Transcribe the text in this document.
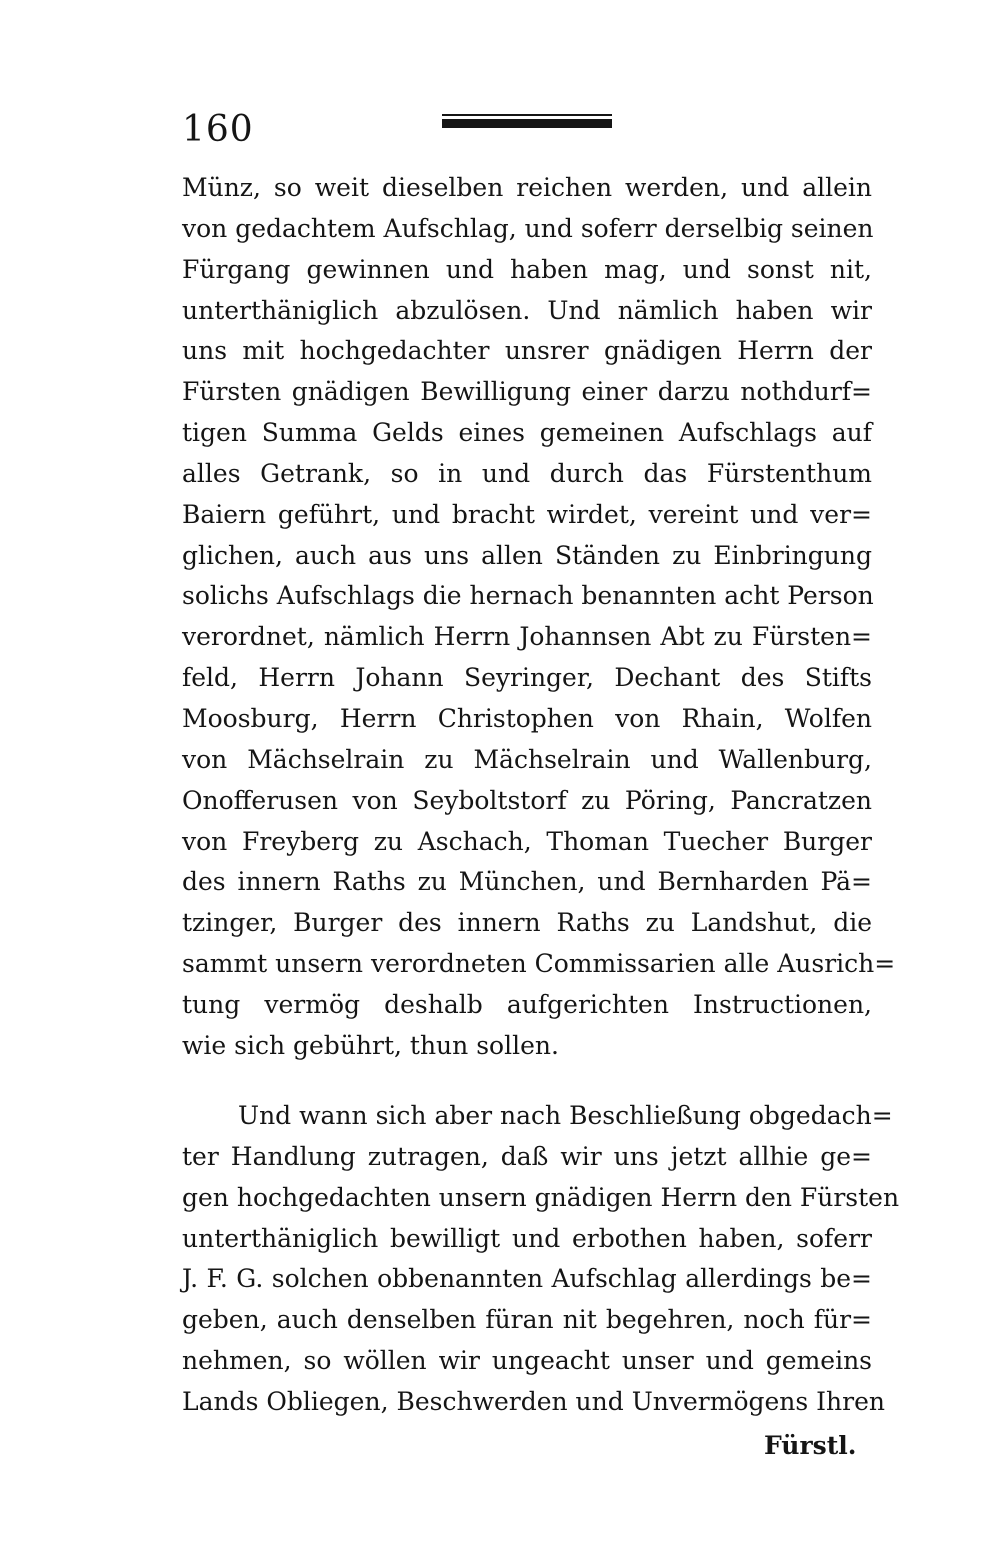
160
Münz, so weit dieselben reichen werden, und allein
von gedachtem Aufschlag, und soferr derselbig seinen
Fürgang gewinnen und haben mag, und sonst nit,
unterthäniglich abzulösen. Und nämlich haben wir
uns mit hochgedachter unsrer gnädigen Herrn der
Fürsten gnädigen Bewilligung einer darzu nothdurf=
tigen Summa Gelds eines gemeinen Aufschlags auf
alles Getrank, so in und durch das Fürstenthum
Baiern geführt, und bracht wirdet, vereint und ver=
glichen, auch aus uns allen Ständen zu Einbringung
solichs Aufschlags die hernach benannten acht Person
verordnet, nämlich Herrn Johannsen Abt zu Fürsten=
feld, Herrn Johann Seyringer, Dechant des Stifts
Moosburg, Herrn Christophen von Rhain, Wolfen
von Mächselrain zu Mächselrain und Wallenburg,
Onofferusen von Seyboltstorf zu Pöring, Pancratzen
von Freyberg zu Aschach, Thoman Tuecher Burger
des innern Raths zu München, und Bernharden Pä=
tzinger, Burger des innern Raths zu Landshut, die
sammt unsern verordneten Commissarien alle Ausrich=
tung vermög deshalb aufgerichten Instructionen,
wie sich gebührt, thun sollen.
Und wann sich aber nach Beschließung obgedach=
ter Handlung zutragen, daß wir uns jetzt allhie ge=
gen hochgedachten unsern gnädigen Herrn den Fürsten
unterthäniglich bewilligt und erbothen haben, soferr
J. F. G. solchen obbenannten Aufschlag allerdings be=
geben, auch denselben füran nit begehren, noch für=
nehmen, so wöllen wir ungeacht unser und gemeins
Lands Obliegen, Beschwerden und Unvermögens Ihren
Fürstl.
